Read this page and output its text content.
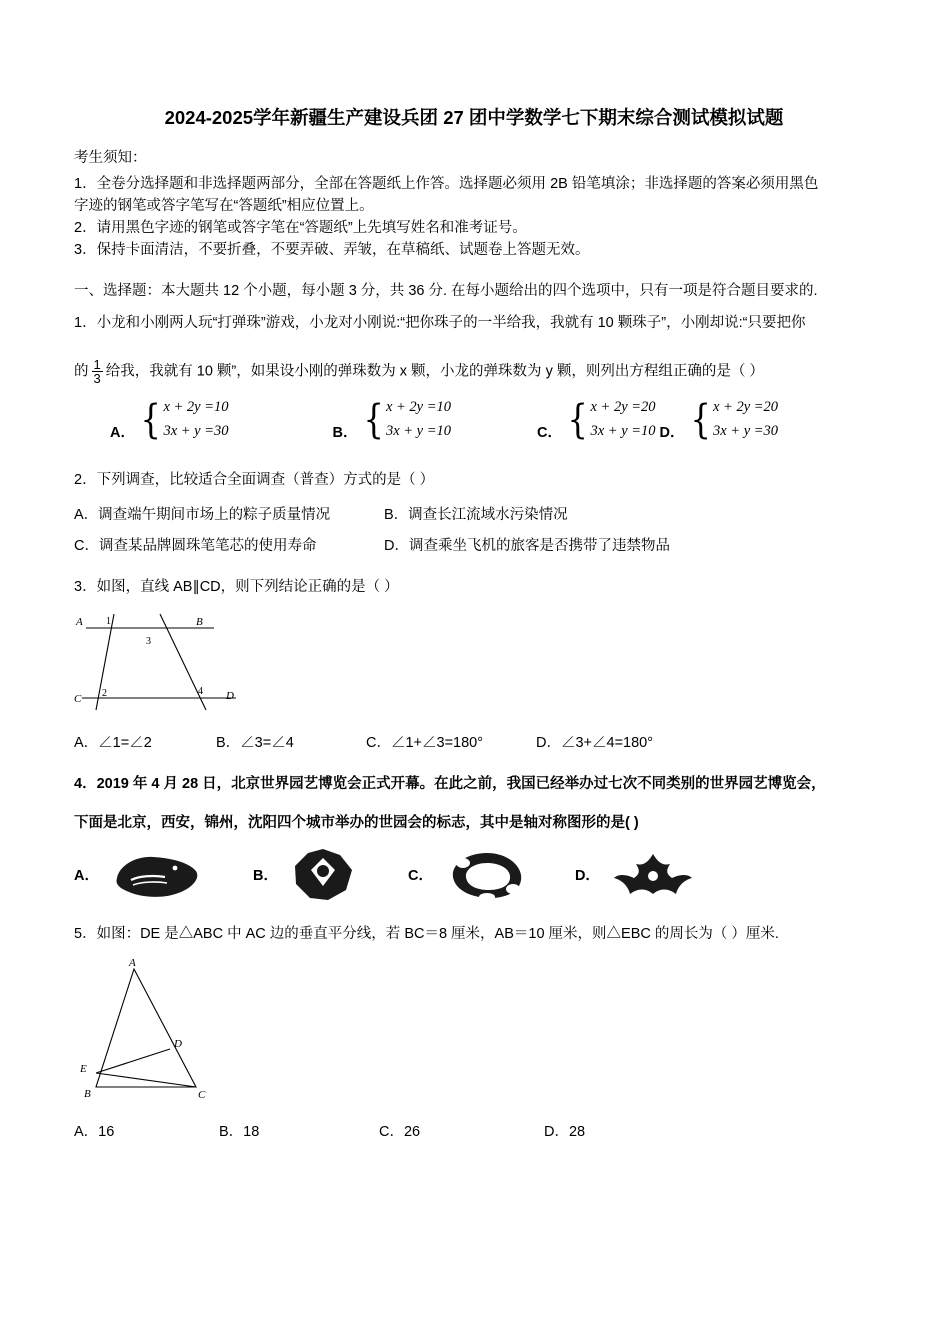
2024-2025学年新疆生产建设兵团 27 团中学数学七下期末综合测试模拟试题
考生须知：
1．全卷分选择题和非选择题两部分，全部在答题纸上作答。选择题必须用 2B 铅笔填涂；非选择题的答案必须用黑色
字迹的钢笔或答字笔写在“答题纸”相应位置上。
2．请用黑色字迹的钢笔或答字笔在“答题纸”上先填写姓名和准考证号。
3．保持卡面清洁，不要折叠，不要弄破、弄皱，在草稿纸、试题卷上答题无效。
一、选择题：本大题共 12 个小题，每小题 3 分，共 36 分. 在每小题给出的四个选项中，只有一项是符合题目要求的.
1．小龙和小刚两人玩“打弹珠”游戏，小龙对小刚说:“把你珠子的一半给我，我就有 10 颗珠子”，小刚却说:“只要把你
的 $\frac{1}{3}$ 给我，我就有 10 颗”，如果设小刚的弹珠数为 x 颗，小龙的弹珠数为 y 颗，则列出方程组正确的是（ ）
A． { x + 2y =10
3x + y =30	B． { x + 2y =10
3x + y =10	C． { x + 2y =20
3x + y =10 D． { x + 2y =20
3x + y =30
2．下列调查，比较适合全面调查（普查）方式的是（ ）
A．调查端午期间市场上的粽子质量情况	B．调查长江流域水污染情况
C．调查某品牌圆珠笔笔芯的使用寿命	D．调查乘坐飞机的旅客是否携带了违禁物品
3．如图，直线 AB∥CD，则下列结论正确的是（ ）
A	B
C	D
1
2
3
4
A．∠1=∠2	B．∠3=∠4	C．∠1+∠3=180°	D．∠3+∠4=180°
4．2019 年 4 月 28 日，北京世界园艺博览会正式开幕。在此之前，我国已经举办过七次不同类别的世界园艺博览会，
下面是北京，西安，锦州，沈阳四个城市举办的世园会的标志，其中是轴对称图形的是( )
A．	B．	C．	D．
5．如图：DE 是△ABC 中 AC 边的垂直平分线，若 BC＝8 厘米，AB＝10 厘米，则△EBC 的周长为（ ）厘米.
A
D
E
B	C
A．16	B．18	C．26	D．28
